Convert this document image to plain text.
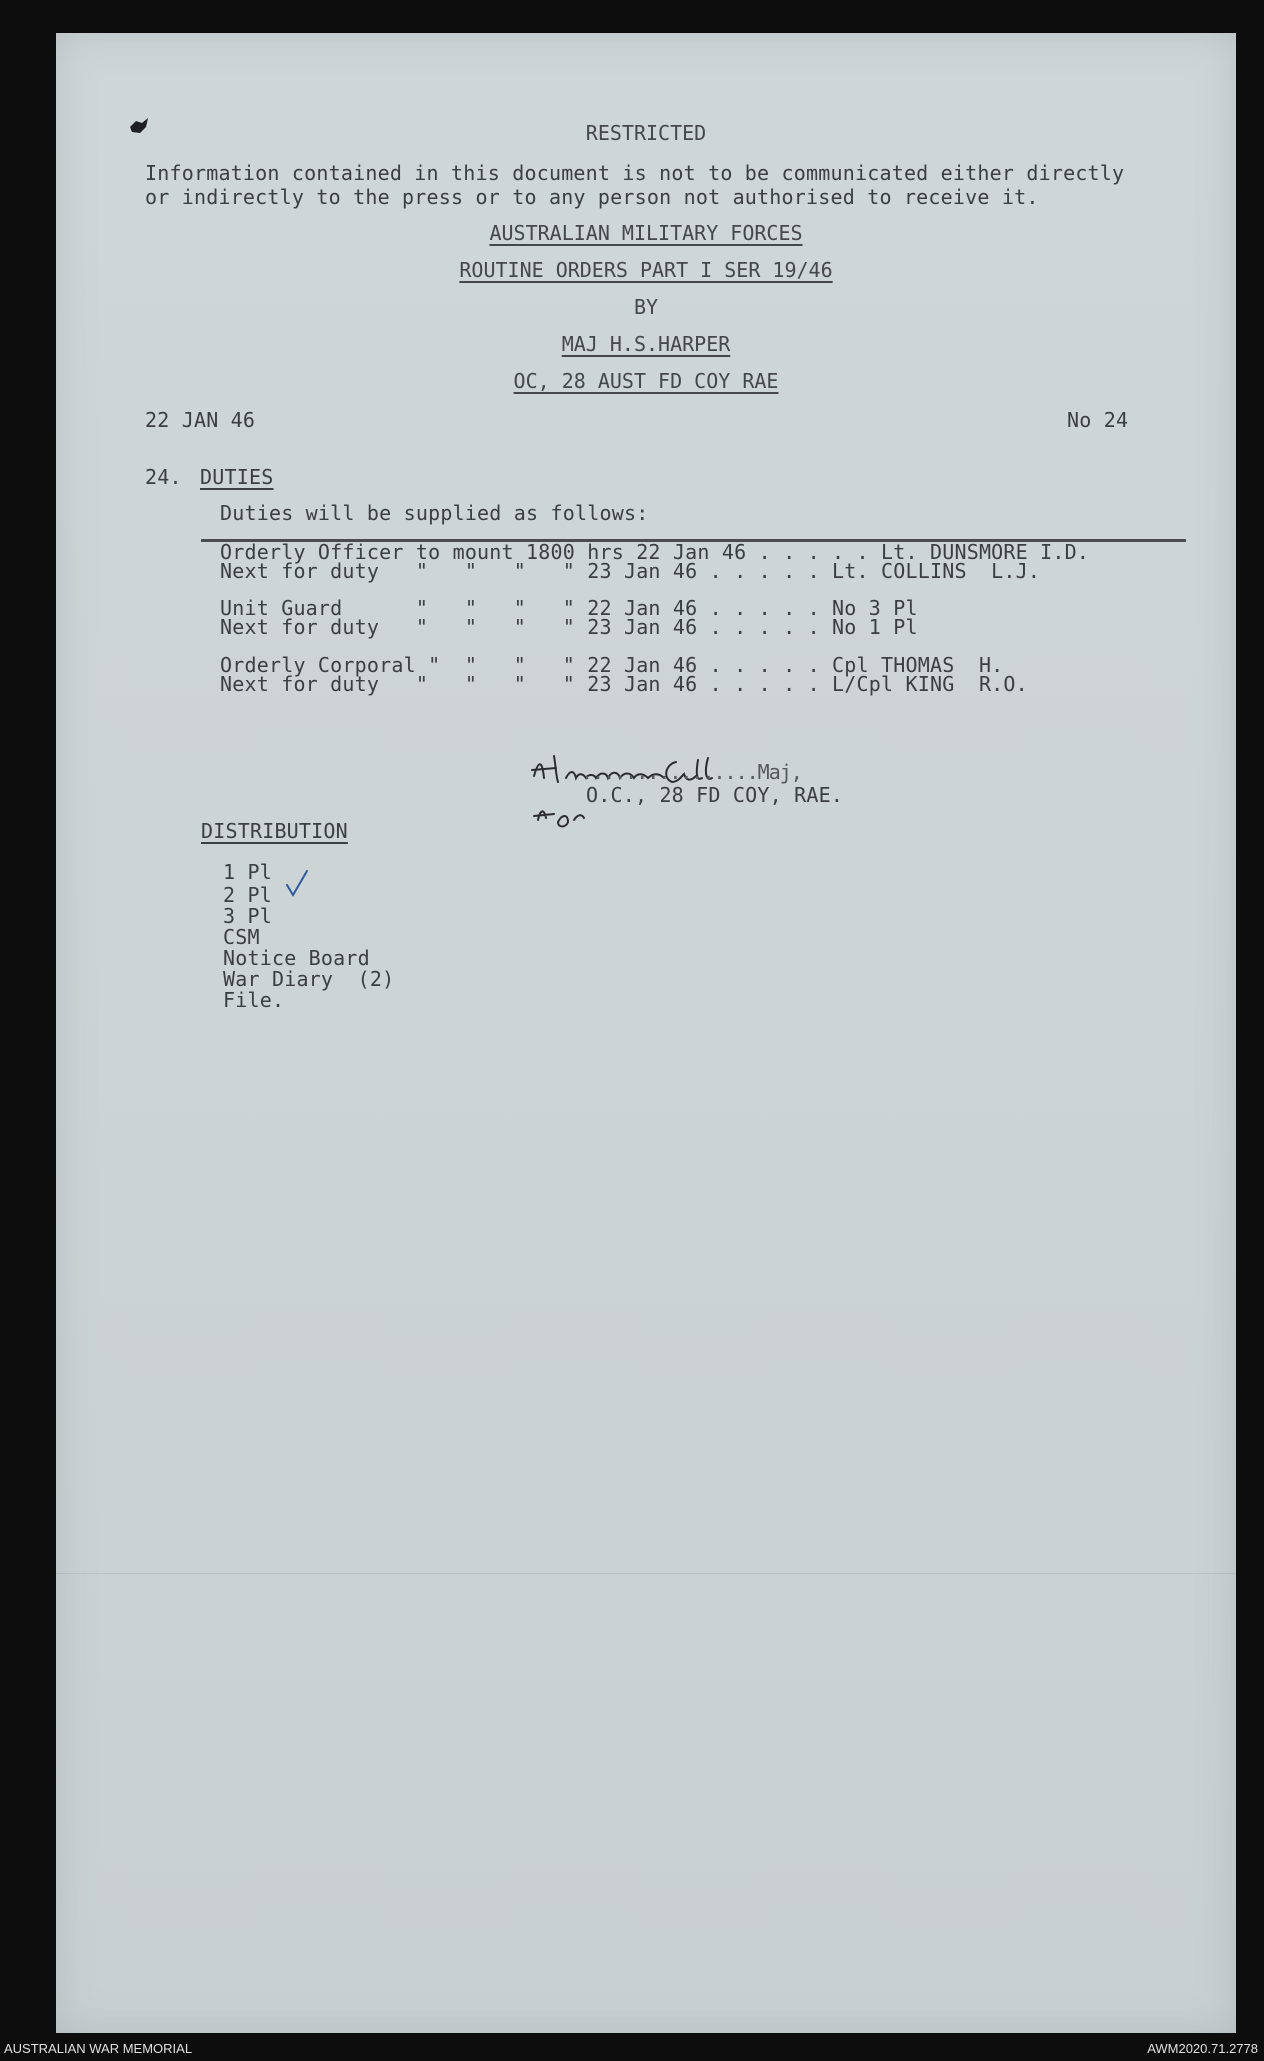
RESTRICTED
Information contained in this document is not to be communicated either directly
or indirectly to the press or to any person not authorised to receive it.
AUSTRALIAN MILITARY FORCES
ROUTINE ORDERS PART I SER 19/46
BY
MAJ H.S.HARPER
OC, 28 AUST FD COY RAE
22 JAN 46	No 24
24. DUTIES
Duties will be supplied as follows:
Orderly Officer to mount 1800 hrs 22 Jan 46 . . . . . Lt. DUNSMORE I.D.
Next for duty   "   "   "   " 23 Jan 46 . . . . . Lt. COLLINS  L.J.
Unit Guard      "   "   "   " 22 Jan 46 . . . . . No 3 Pl
Next for duty   "   "   "   " 23 Jan 46 . . . . . No 1 Pl
Orderly Corporal "  "   "   " 22 Jan 46 . . . . . Cpl THOMAS  H.
Next for duty   "   "   "   " 23 Jan 46 . . . . . L/Cpl KING  R.O.
................Maj,
O.C., 28 FD COY, RAE.
DISTRIBUTION
1 Pl
2 Pl
3 Pl
CSM
Notice Board
War Diary  (2)
File.
AUSTRALIAN WAR MEMORIAL	AWM2020.71.2778
